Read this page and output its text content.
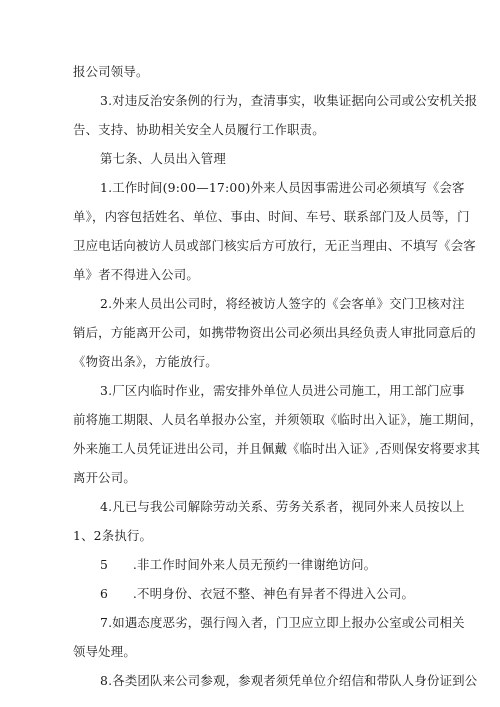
报公司领导。
3.对违反治安条例的行为，查清事实，收集证据向公司或公安机关报
告、支持、协助相关安全人员履行工作职责。
第七条、人员出入管理
1.工作时间(9:00—17:00)外来人员因事需进公司必须填写《会客
单》，内容包括姓名、单位、事由、时间、车号、联系部门及人员等，门
卫应电话向被访人员或部门核实后方可放行，无正当理由、不填写《会客
单》者不得进入公司。
2.外来人员出公司时，将经被访人签字的《会客单》交门卫核对注
销后，方能离开公司，如携带物资出公司必须出具经负责人审批同意后的
《物资出条》，方能放行。
3.厂区内临时作业，需安排外单位人员进公司施工，用工部门应事
前将施工期限、人员名单报办公室，并须领取《临时出入证》，施工期间，
外来施工人员凭证进出公司，并且佩戴《临时出入证》,否则保安将要求其
离开公司。
4.凡已与我公司解除劳动关系、劳务关系者，视同外来人员按以上
1、2条执行。
5      .非工作时间外来人员无预约一律谢绝访问。
6      .不明身份、衣冠不整、神色有异者不得进入公司。
7.如遇态度恶劣，强行闯入者，门卫应立即上报办公室或公司相关
领导处理。
8.各类团队来公司参观，参观者须凭单位介绍信和带队人身份证到公
